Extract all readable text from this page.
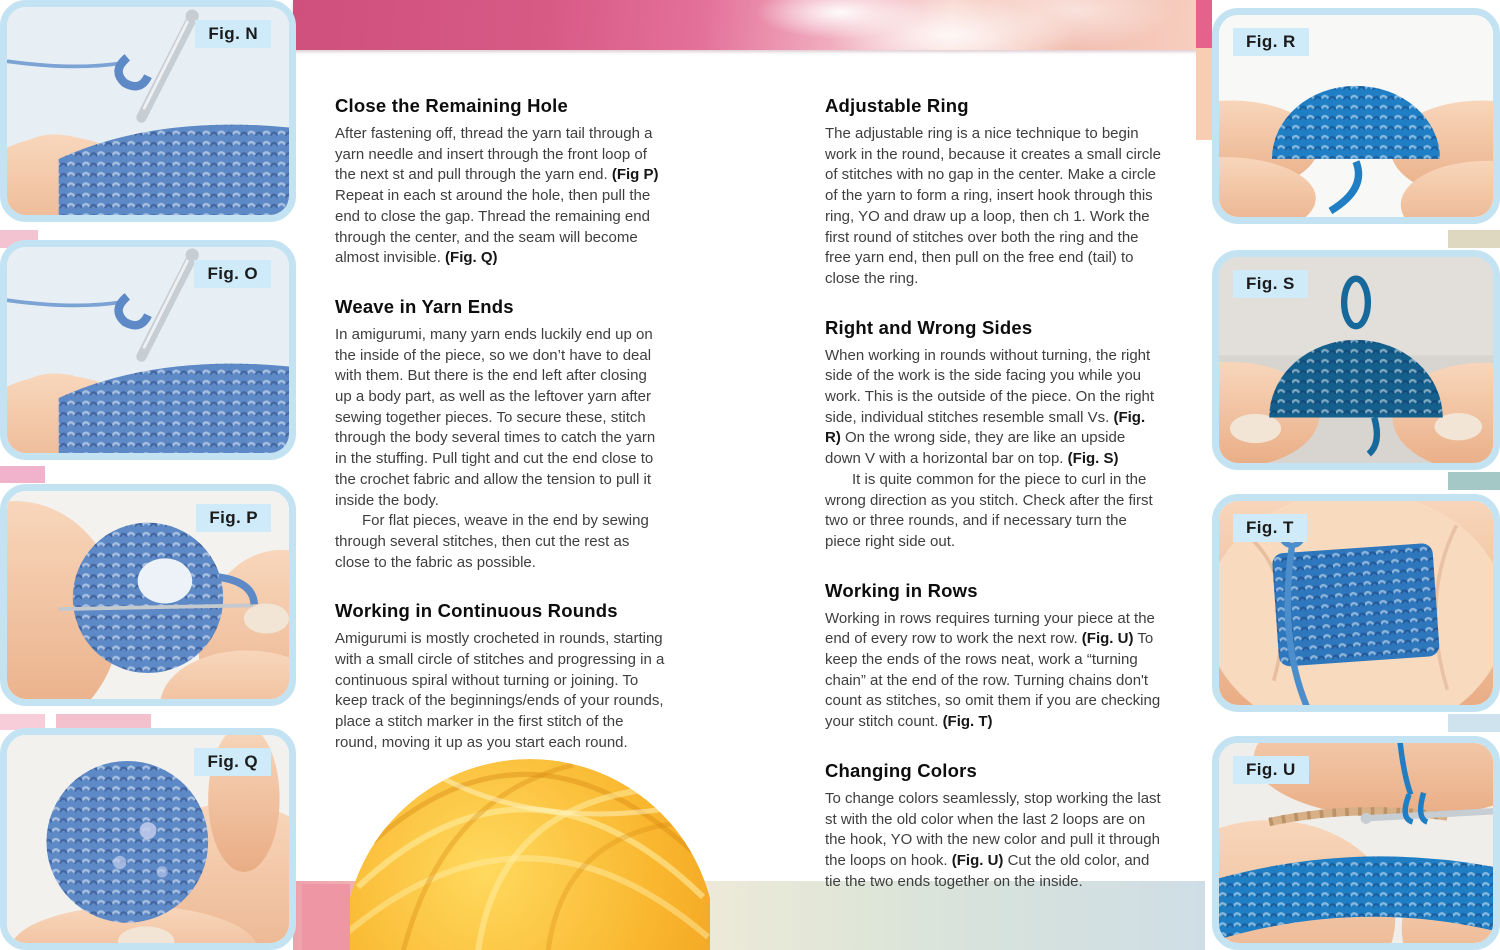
Fig. N
Fig. O
Fig. P
Fig. Q
Fig. R
Fig. S
Fig. T
Fig. U
Close the Remaining Hole

After fastening off, thread the yarn tail through a yarn needle and insert through the front loop of the next st and pull through the yarn end. (Fig P) Repeat in each st around the hole, then pull the end to close the gap. Thread the remaining end through the center, and the seam will become almost invisible. (Fig. Q)

Weave in Yarn Ends

In amigurumi, many yarn ends luckily end up on the inside of the piece, so we don’t have to deal with them. But there is the end left after closing up a body part, as well as the leftover yarn after sewing together pieces. To secure these, stitch through the body several times to catch the yarn in the stuffing. Pull tight and cut the end close to the crochet fabric and allow the tension to pull it inside the body.

For flat pieces, weave in the end by sewing through several stitches, then cut the rest as close to the fabric as possible.

Working in Continuous Rounds

Amigurumi is mostly crocheted in rounds, starting with a small circle of stitches and progressing in a continuous spiral without turning or joining. To keep track of the beginnings/ends of your rounds, place a stitch marker in the first stitch of the round, moving it up as you start each round.

Adjustable Ring

The adjustable ring is a nice technique to begin work in the round, because it creates a small circle of stitches with no gap in the center. Make a circle of the yarn to form a ring, insert hook through this ring, YO and draw up a loop, then ch 1. Work the first round of stitches over both the ring and the free yarn end, then pull on the free end (tail) to close the ring.

Right and Wrong Sides

When working in rounds without turning, the right side of the work is the side facing you while you work. This is the outside of the piece. On the right side, individual stitches resemble small Vs. (Fig. R) On the wrong side, they are like an upside down V with a horizontal bar on top. (Fig. S)

It is quite common for the piece to curl in the wrong direction as you stitch. Check after the first two or three rounds, and if necessary turn the piece right side out.

Working in Rows

Working in rows requires turning your piece at the end of every row to work the next row. (Fig. U) To keep the ends of the rows neat, work a “turning chain” at the end of the row. Turning chains don't count as stitches, so omit them if you are checking your stitch count. (Fig. T)

Changing Colors

To change colors seamlessly, stop working the last st with the old color when the last 2 loops are on the hook, YO with the new color and pull it through the loops on hook. (Fig. U) Cut the old color, and tie the two ends together on the inside.
